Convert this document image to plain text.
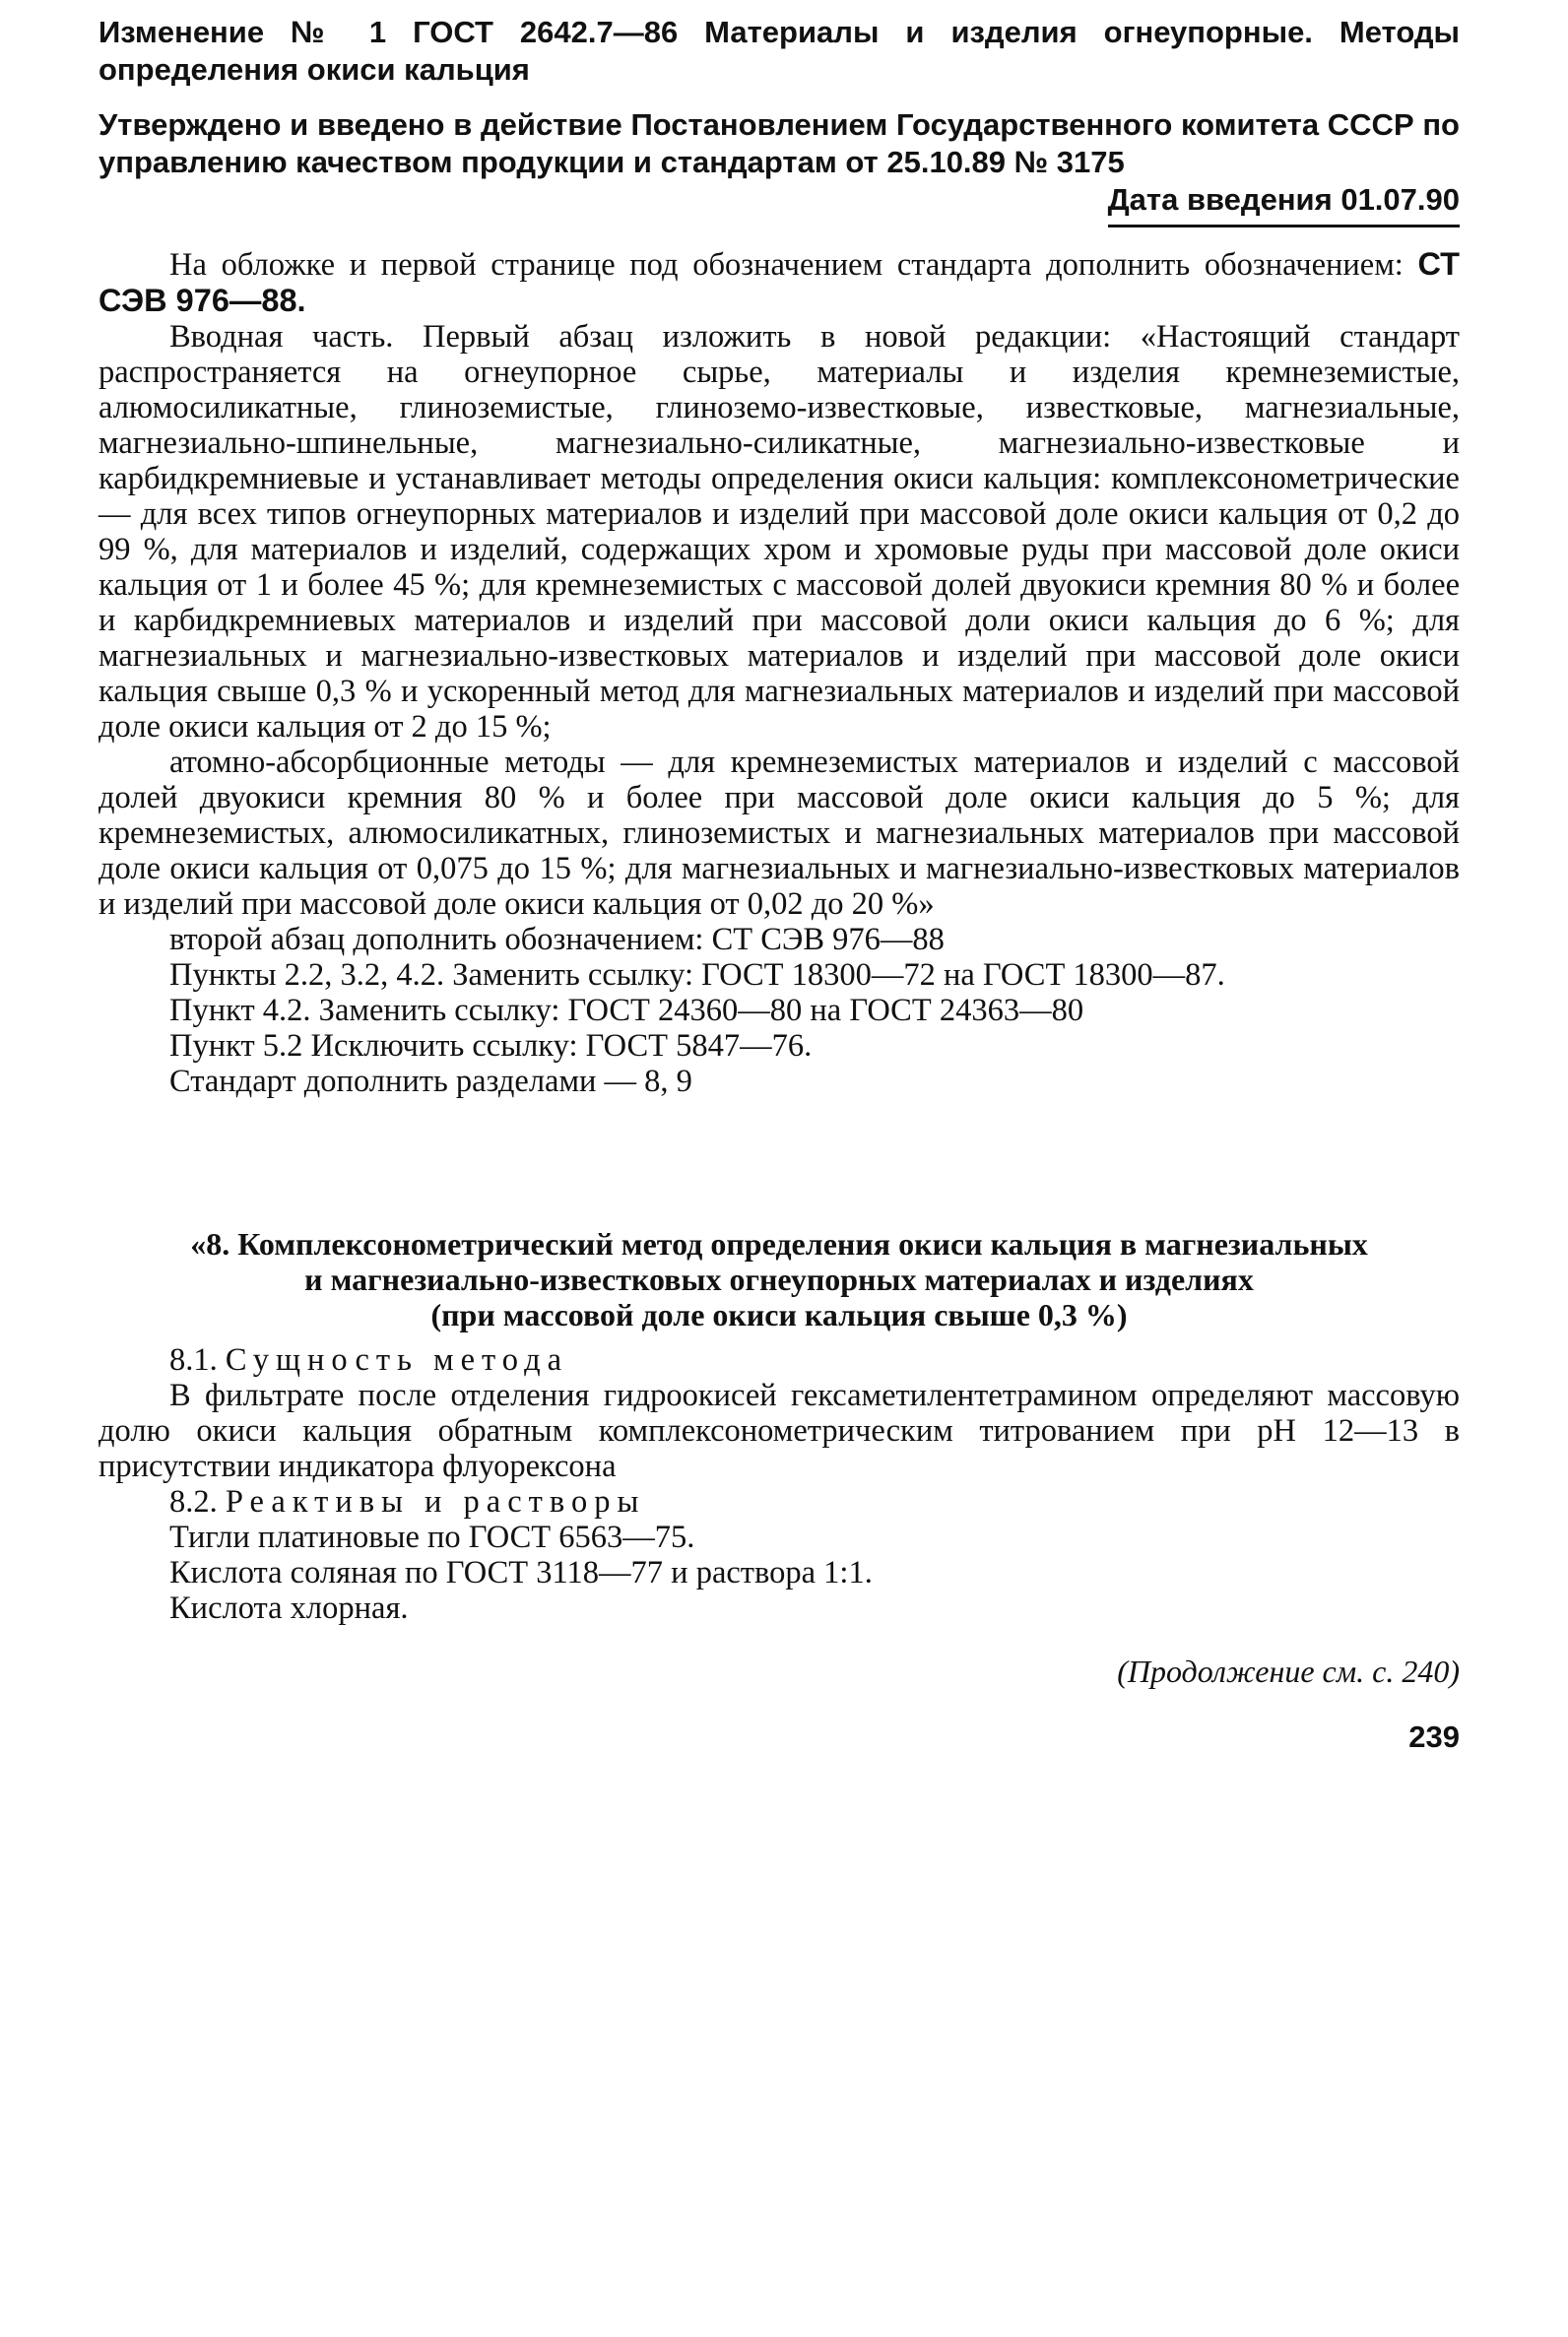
Изменение № 1 ГОСТ 2642.7—86 Материалы и изделия огнеупорные. Методы определения окиси кальция

Утверждено и введено в действие Постановлением Государственного комитета СССР по управлению качеством продукции и стандартам от 25.10.89 № 3175

Дата введения 01.07.90

На обложке и первой странице под обозначением стандарта дополнить обозначением: СТ СЭВ 976—88.

Вводная часть. Первый абзац изложить в новой редакции: «Настоящий стандарт распространяется на огнеупорное сырье, материалы и изделия кремнеземистые, алюмосиликатные, глиноземистые, глиноземо-известковые, известковые, магнезиальные, магнезиально-шпинельные, магнезиально-силикатные, магнезиально-известковые и карбидкремниевые и устанавливает методы определения окиси кальция: комплексонометрические — для всех типов огнеупорных материалов и изделий при массовой доле окиси кальция от 0,2 до 99 %, для материалов и изделий, содержащих хром и хромовые руды при массовой доле окиси кальция от 1 и более 45 %; для кремнеземистых с массовой долей двуокиси кремния 80 % и более и карбидкремниевых материалов и изделий при массовой доли окиси кальция до 6 %; для магнезиальных и магнезиально-известковых материалов и изделий при массовой доле окиси кальция свыше 0,3 % и ускоренный метод для магнезиальных материалов и изделий при массовой доле окиси кальция от 2 до 15 %;

атомно-абсорбционные методы — для кремнеземистых материалов и изделий с массовой долей двуокиси кремния 80 % и более при массовой доле окиси кальция до 5 %; для кремнеземистых, алюмосиликатных, глиноземистых и магнезиальных материалов при массовой доле окиси кальция от 0,075 до 15 %; для магнезиальных и магнезиально-известковых материалов и изделий при массовой доле окиси кальция от 0,02 до 20 %»

второй абзац дополнить обозначением: СТ СЭВ 976—88

Пункты 2.2, 3.2, 4.2. Заменить ссылку: ГОСТ 18300—72 на ГОСТ 18300—87.

Пункт 4.2. Заменить ссылку: ГОСТ 24360—80 на ГОСТ 24363—80

Пункт 5.2 Исключить ссылку: ГОСТ 5847—76.

Стандарт дополнить разделами — 8, 9

«8. Комплексонометрический метод определения окиси кальция в магнезиальных

и магнезиально-известковых огнеупорных материалах и изделиях

(при массовой доле окиси кальция свыше 0,3 %)

8.1. Сущность метода

В фильтрате после отделения гидроокисей гексаметилентетрамином определяют массовую долю окиси кальция обратным комплексонометрическим титрованием при рН 12—13 в присутствии индикатора флуорексона

8.2. Реактивы и растворы

Тигли платиновые по ГОСТ 6563—75.

Кислота соляная по ГОСТ 3118—77 и раствора 1:1.

Кислота хлорная.

(Продолжение см. с. 240)

239
